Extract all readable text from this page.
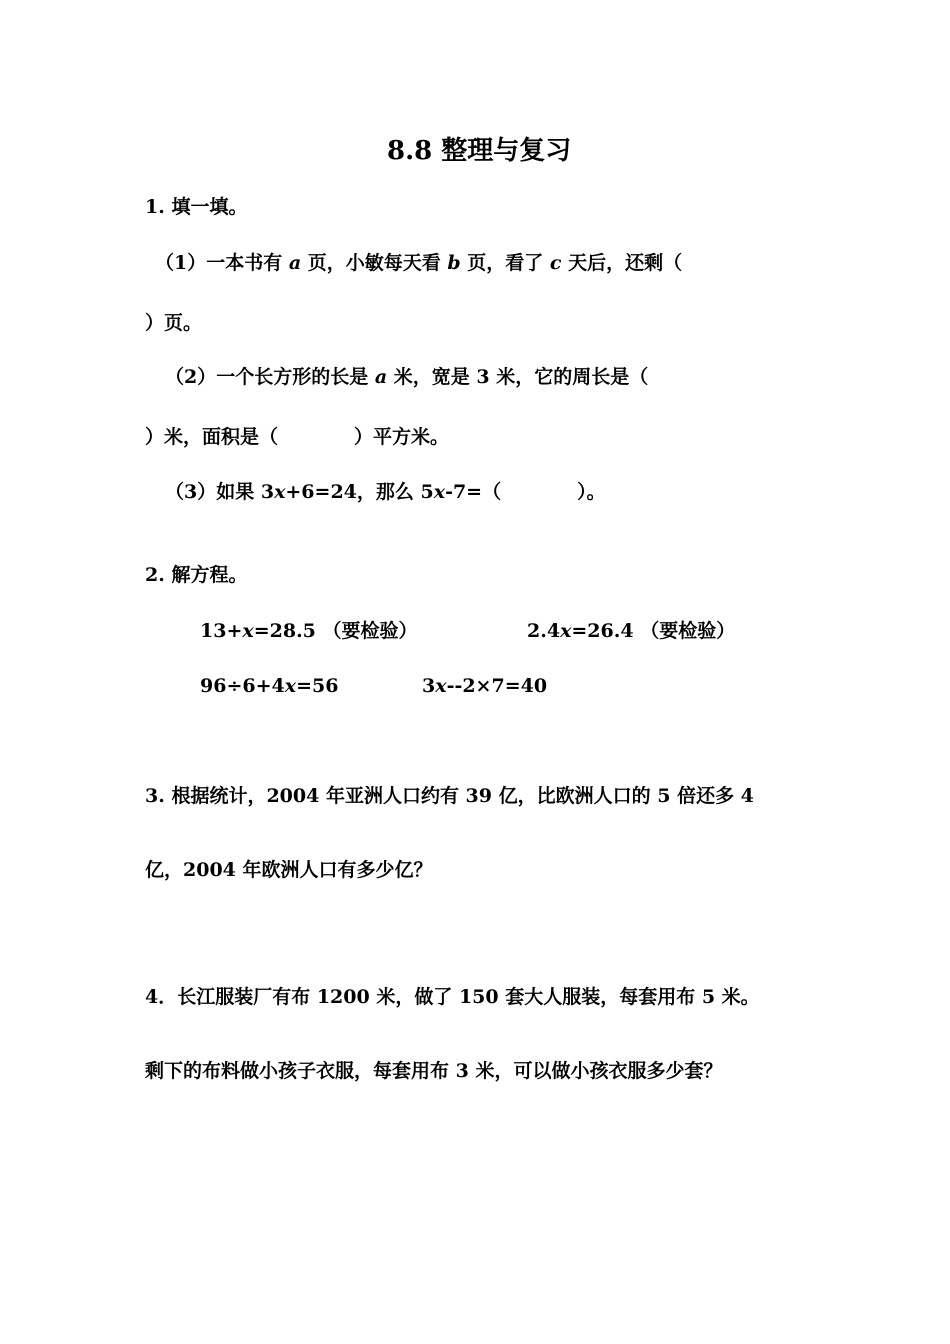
8.8 整理与复习
1. 填一填。
（1）一本书有 a 页，小敏每天看 b 页，看了 c 天后，还剩（
）页。
（2）一个长方形的长是 a 米，宽是 3 米，它的周长是（
）米，面积是（　　　　）平方米。
（3）如果 3x+6=24，那么 5x-7=（　　　　）。
2. 解方程。
13+x=28.5 （要检验）	2.4x=26.4 （要检验）
96÷6+4x=56	3x--2×7=40
3. 根据统计，2004 年亚洲人口约有 39 亿，比欧洲人口的 5 倍还多 4
亿，2004 年欧洲人口有多少亿？
4．长江服装厂有布 1200 米，做了 150 套大人服装，每套用布 5 米。
剩下的布料做小孩子衣服，每套用布 3 米，可以做小孩衣服多少套？
